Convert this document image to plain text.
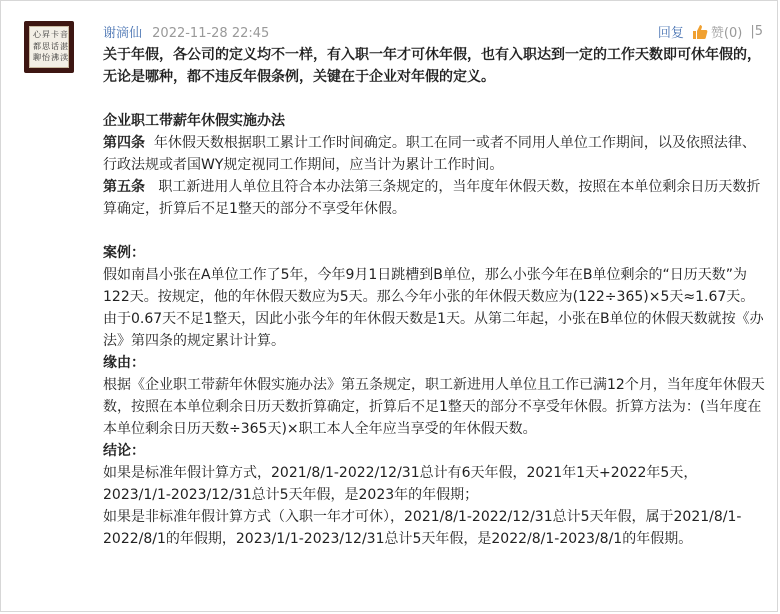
心 昇 卡 音
都 思 话 湛
聊 怡 沸 渎
谢滴仙 2022-11-28 22:45	回复 赞(0) |5

关于年假，各公司的定义均不一样，有入职一年才可休年假，也有入职达到一定的工作天数即可休年假的，无论是哪种，都不违反年假条例，关键在于企业对年假的定义。

企业职工带薪年休假实施办法

第四条 年休假天数根据职工累计工作时间确定。职工在同一或者不同用人单位工作期间，以及依照法律、行政法规或者国WY规定视同工作期间，应当计为累计工作时间。

第五条 职工新进用人单位且符合本办法第三条规定的，当年度年休假天数，按照在本单位剩余日历天数折算确定，折算后不足1整天的部分不享受年休假。

案例：

假如南昌小张在A单位工作了5年，今年9月1日跳槽到B单位，那么小张今年在B单位剩余的“日历天数”为122天。按规定，他的年休假天数应为5天。那么今年小张的年休假天数应为(122÷365)×5天≈1.67天。由于0.67天不足1整天，因此小张今年的年休假天数是1天。从第二年起，小张在B单位的休假天数就按《办法》第四条的规定累计计算。

缘由：

根据《企业职工带薪年休假实施办法》第五条规定，职工新进用人单位且工作已满12个月，当年度年休假天数，按照在本单位剩余日历天数折算确定，折算后不足1整天的部分不享受年休假。折算方法为：(当年度在本单位剩余日历天数÷365天)×职工本人全年应当享受的年休假天数。

结论：

如果是标准年假计算方式，2021/8/1-2022/12/31总计有6天年假，2021年1天+2022年5天，2023/1/1-2023/12/31总计5天年假，是2023年的年假期；

如果是非标准年假计算方式（入职一年才可休），2021/8/1-2022/12/31总计5天年假，属于2021/8/1-2022/8/1的年假期，2023/1/1-2023/12/31总计5天年假，是2022/8/1-2023/8/1的年假期。
